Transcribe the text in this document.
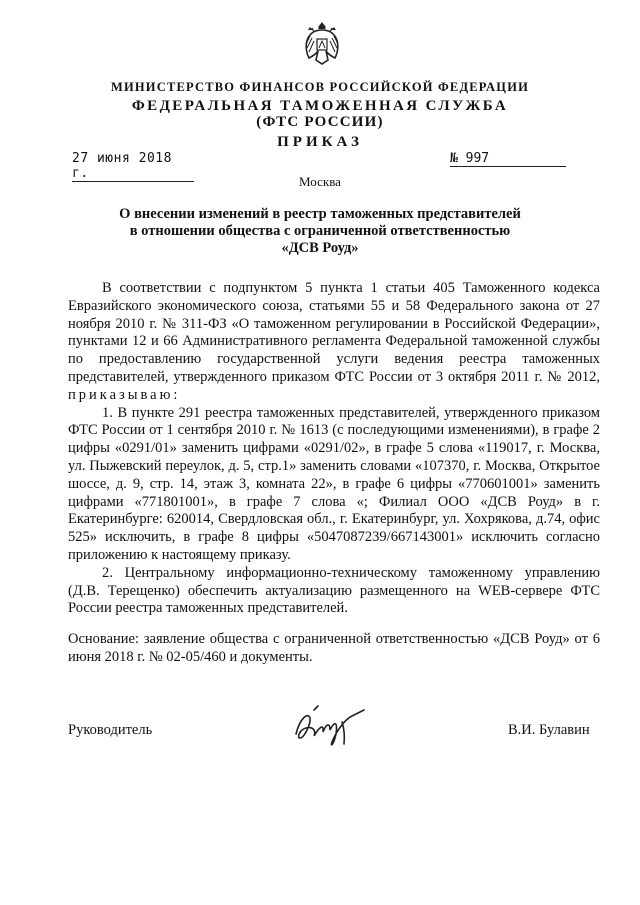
МИНИСТЕРСТВО ФИНАНСОВ РОССИЙСКОЙ ФЕДЕРАЦИИ
ФЕДЕРАЛЬНАЯ ТАМОЖЕННАЯ СЛУЖБА
(ФТС РОССИИ)
ПРИКАЗ
27 июня 2018 г.
№ 997
Москва
О внесении изменений в реестр таможенных представителей
в отношении общества с ограниченной ответственностью
«ДСВ Роуд»

В соответствии с подпунктом 5 пункта 1 статьи 405 Таможенного кодекса Евразийского экономического союза, статьями 55 и 58 Федерального закона от 27 ноября 2010 г. № 311-ФЗ «О таможенном регулировании в Российской Федерации», пунктами 12 и 66 Административного регламента Федеральной таможенной службы по предоставлению государственной услуги ведения реестра таможенных представителей, утвержденного приказом ФТС России от 3 октября 2011 г. № 2012, приказываю:

1. В пункте 291 реестра таможенных представителей, утвержденного приказом ФТС России от 1 сентября 2010 г. № 1613 (с последующими изменениями), в графе 2 цифры «0291/01» заменить цифрами «0291/02», в графе 5 слова «119017, г. Москва, ул. Пыжевский переулок, д. 5, стр.1» заменить словами «107370, г. Москва, Открытое шоссе, д. 9, стр. 14, этаж 3, комната 22», в графе 6 цифры «770601001» заменить цифрами «771801001», в графе 7 слова «; Филиал ООО «ДСВ Роуд» в г. Екатеринбурге: 620014, Свердловская обл., г. Екатеринбург, ул. Хохрякова, д.74, офис 525» исключить, в графе 8 цифры «5047087239/667143001» исключить согласно приложению к настоящему приказу.

2. Центральному информационно-техническому таможенному управлению (Д.В. Терещенко) обеспечить актуализацию размещенного на WEB-сервере ФТС России реестра таможенных представителей.

Основание: заявление общества с ограниченной ответственностью «ДСВ Роуд» от 6 июня 2018 г. № 02-05/460 и документы.

Руководитель	В.И. Булавин
